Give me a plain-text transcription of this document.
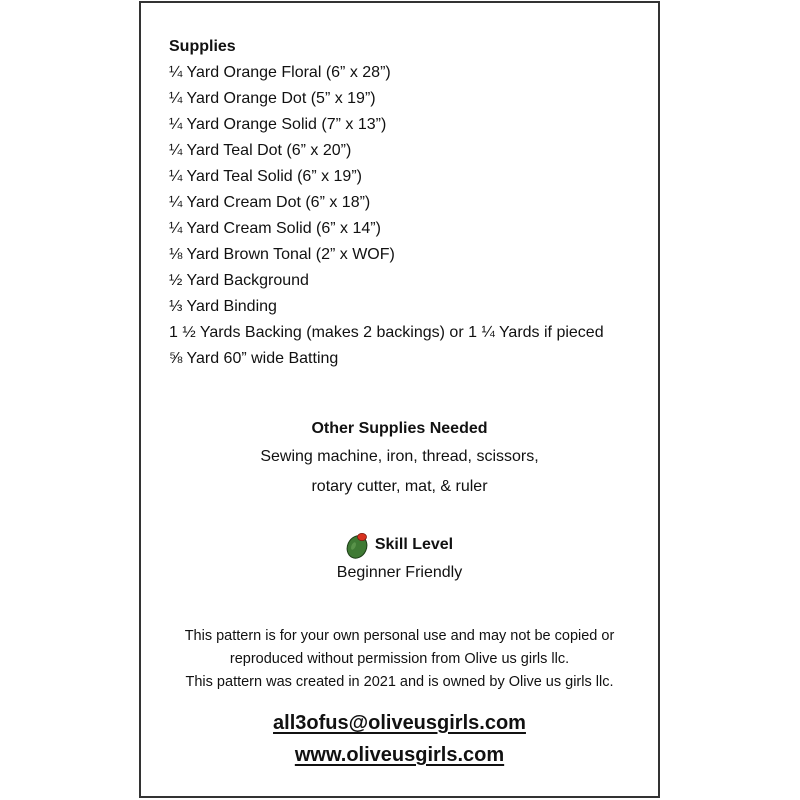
Supplies
¼ Yard Orange Floral (6” x 28”)
¼ Yard Orange Dot (5” x 19”)
¼ Yard Orange Solid (7” x 13”)
¼ Yard Teal Dot (6” x 20”)
¼ Yard Teal Solid (6” x 19”)
¼ Yard Cream Dot (6” x 18”)
¼ Yard Cream Solid (6” x 14”)
⅛ Yard Brown Tonal (2” x WOF)
½ Yard Background
⅓ Yard Binding
1 ½ Yards Backing (makes 2 backings) or 1 ¼ Yards if pieced
⅝ Yard 60” wide Batting
Other Supplies Needed
Sewing machine, iron, thread, scissors,
rotary cutter, mat, & ruler
Skill Level
Beginner Friendly
This pattern is for your own personal use and may not be copied or
reproduced without permission from Olive us girls llc.
This pattern was created in 2021 and is owned by Olive us girls llc.
all3ofus@oliveusgirls.com
www.oliveusgirls.com
